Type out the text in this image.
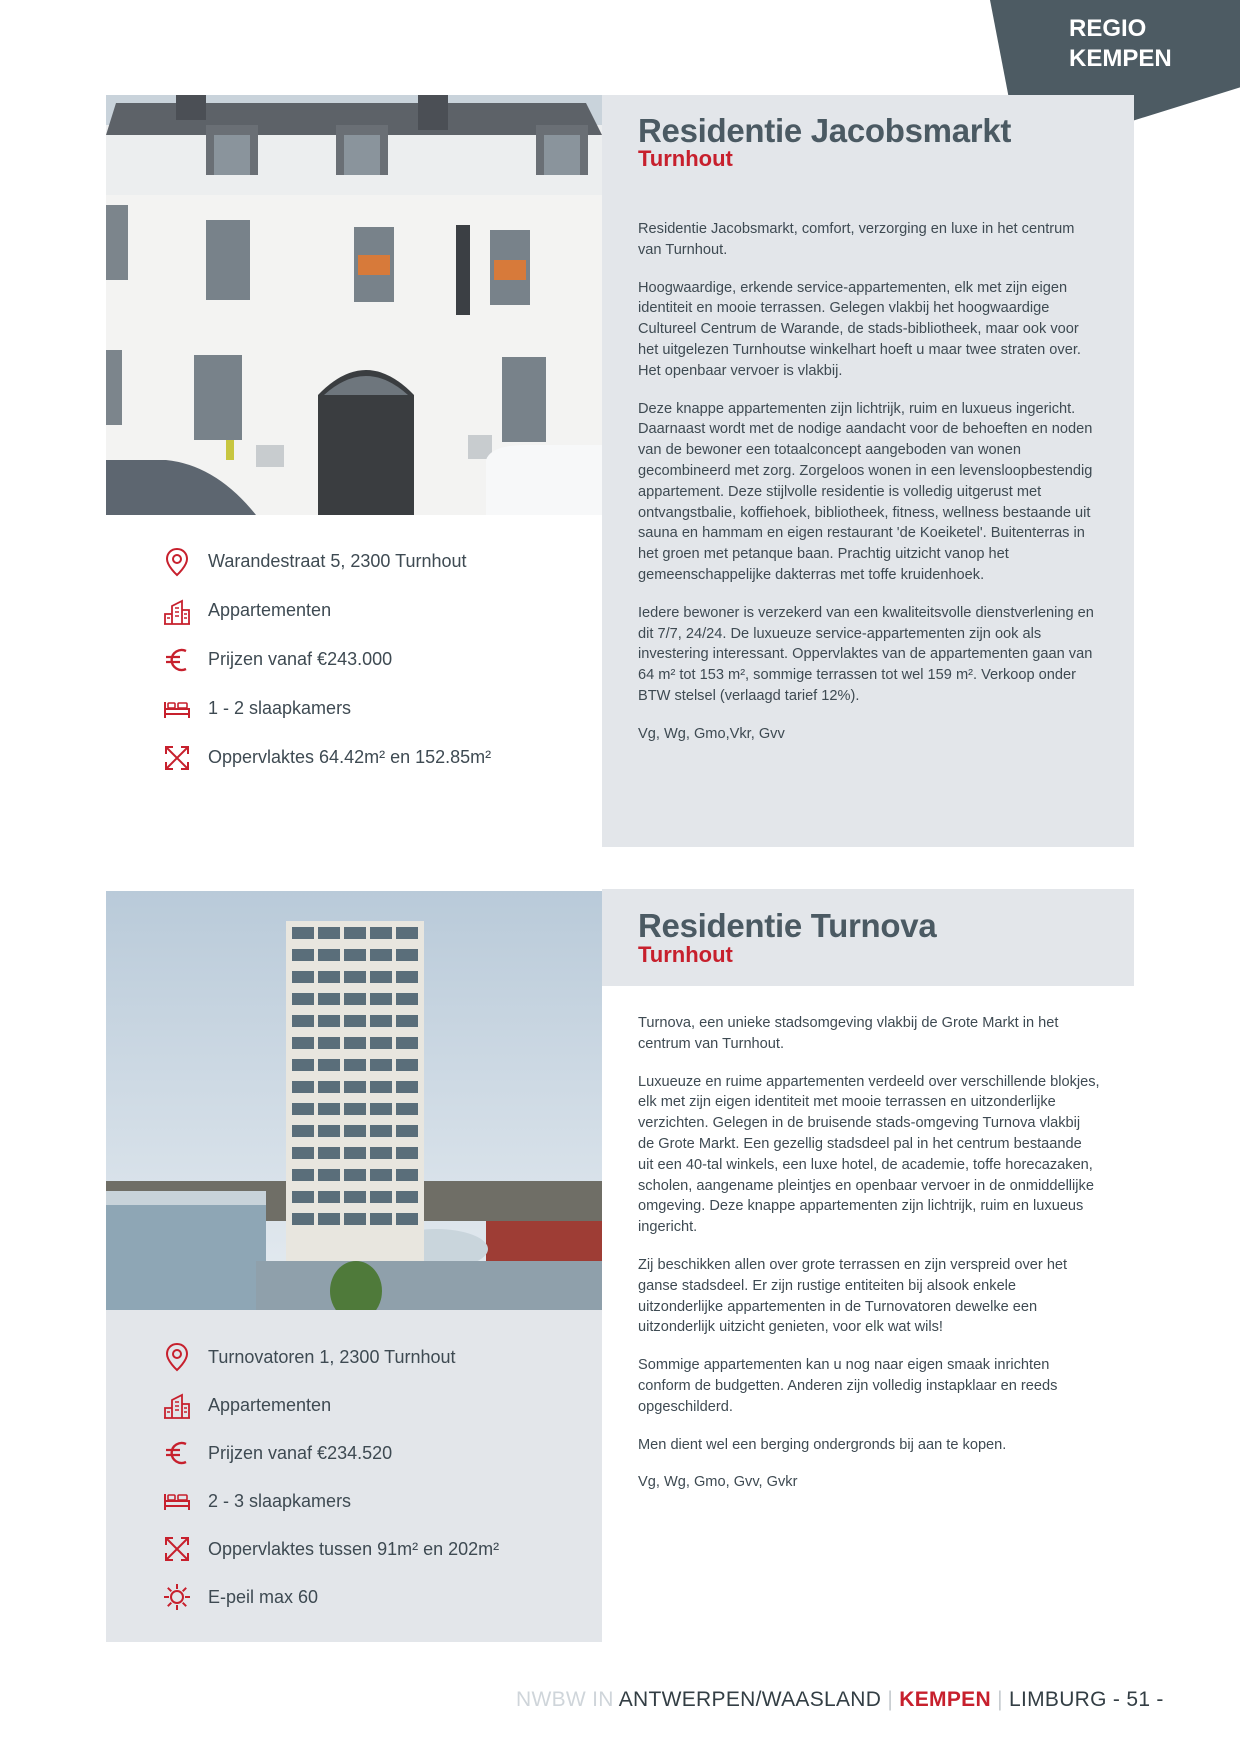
REGIO
KEMPEN
Residentie Jacobsmarkt
Turnhout

Residentie Jacobsmarkt, comfort, verzorging en luxe in het centrum van Turnhout.

Hoogwaardige, erkende service-appartementen, elk met zijn eigen identiteit en mooie terrassen. Gelegen vlakbij het hoogwaardige Cultureel Centrum de Warande, de stads-bibliotheek, maar ook voor het uitgelezen Turnhoutse winkelhart hoeft u maar twee straten over. Het openbaar vervoer is vlakbij.

Deze knappe appartementen zijn lichtrijk, ruim en luxueus ingericht. Daarnaast wordt met de nodige aandacht voor de behoeften en noden van de bewoner een totaalconcept aangeboden van wonen gecombineerd met zorg. Zorgeloos wonen in een levensloopbestendig appartement. Deze stijlvolle residentie is volledig uitgerust met ontvangstbalie, koffiehoek, bibliotheek, fitness, wellness bestaande uit sauna en hammam en eigen restaurant 'de Koeiketel'. Buitenterras in het groen met petanque baan. Prachtig uitzicht vanop het gemeenschappelijke dakterras met toffe kruidenhoek.

Iedere bewoner is verzekerd van een kwaliteitsvolle dienstverlening en dit 7/7, 24/24. De luxueuze service-appartementen zijn ook als investering interessant. Oppervlaktes van de appartementen gaan van 64 m² tot 153 m², sommige terrassen tot wel 159 m². Verkoop onder BTW stelsel (verlaagd tarief 12%).

Vg, Wg, Gmo,Vkr, Gvv

Warandestraat 5, 2300 Turnhout
Appartementen
Prijzen vanaf €243.000
1 - 2 slaapkamers
Oppervlaktes 64.42m² en 152.85m²
Residentie Turnova
Turnhout

Turnova, een unieke stadsomgeving vlakbij de Grote Markt in het centrum van Turnhout.

Luxueuze en ruime appartementen verdeeld over verschillende blokjes, elk met zijn eigen identiteit met mooie terrassen en uitzonderlijke verzichten. Gelegen in de bruisende stads-omgeving Turnova vlakbij de Grote Markt. Een gezellig stadsdeel pal in het centrum bestaande uit een 40-tal winkels, een luxe hotel, de academie, toffe horecazaken, scholen, aangename pleintjes en openbaar vervoer in de onmiddellijke omgeving. Deze knappe appartementen zijn lichtrijk, ruim en luxueus ingericht.

Zij beschikken allen over grote terrassen en zijn verspreid over het ganse stadsdeel. Er zijn rustige entiteiten bij alsook enkele uitzonderlijke appartementen in de Turnovatoren dewelke een uitzonderlijk uitzicht genieten, voor elk wat wils!

Sommige appartementen kan u nog naar eigen smaak inrichten conform de budgetten. Anderen zijn volledig instapklaar en reeds opgeschilderd.

Men dient wel een berging ondergronds bij aan te kopen.

Vg, Wg, Gmo, Gvv, Gvkr

Turnovatoren 1, 2300 Turnhout
Appartementen
Prijzen vanaf €234.520
2 - 3 slaapkamers
Oppervlaktes tussen 91m² en 202m²
E-peil max 60
NWBW IN ANTWERPEN/WAASLAND | KEMPEN | LIMBURG - 51 -
